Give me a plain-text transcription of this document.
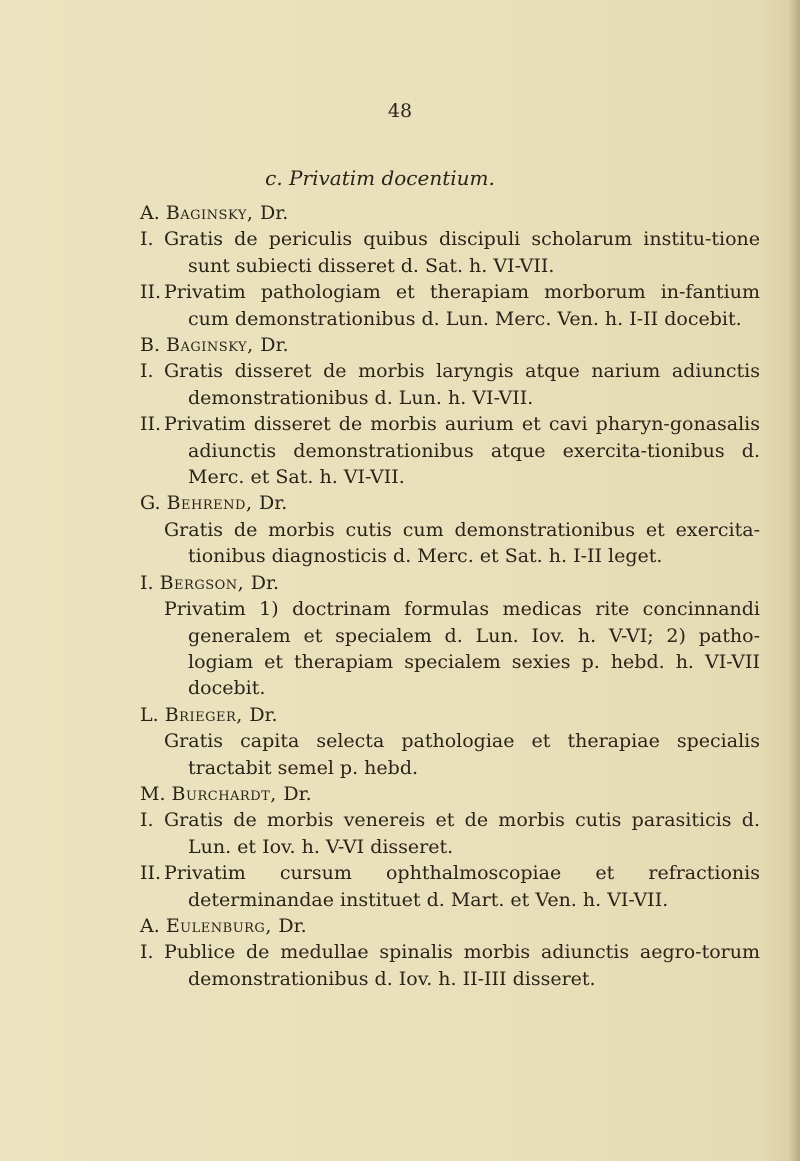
48
c. Privatim docentium.
A. Baginsky, Dr.
I.Gratis de periculis quibus discipuli scholarum institu-tione sunt subiecti disseret d. Sat. h. VI-VII.
II.Privatim pathologiam et therapiam morborum in-fantium cum demonstrationibus d. Lun. Merc. Ven. h. I-II docebit.
B. Baginsky, Dr.
I.Gratis disseret de morbis laryngis atque narium adiunctis demonstrationibus d. Lun. h. VI-VII.
II.Privatim disseret de morbis aurium et cavi pharyn-gonasalis adiunctis demonstrationibus atque exercita-tionibus d. Merc. et Sat. h. VI-VII.
G. Behrend, Dr.
Gratis de morbis cutis cum demonstrationibus et exercita-tionibus diagnosticis d. Merc. et Sat. h. I-II leget.
I. Bergson, Dr.
Privatim 1) doctrinam formulas medicas rite concinnandi generalem et specialem d. Lun. Iov. h. V-VI; 2) patho-logiam et therapiam specialem sexies p. hebd. h. VI-VII docebit.
L. Brieger, Dr.
Gratis capita selecta pathologiae et therapiae specialis tractabit semel p. hebd.
M. Burchardt, Dr.
I.Gratis de morbis venereis et de morbis cutis parasiticis d. Lun. et Iov. h. V-VI disseret.
II.Privatim cursum ophthalmoscopiae et refractionis determinandae instituet d. Mart. et Ven. h. VI-VII.
A. Eulenburg, Dr.
I.Publice de medullae spinalis morbis adiunctis aegro-torum demonstrationibus d. Iov. h. II-III disseret.
